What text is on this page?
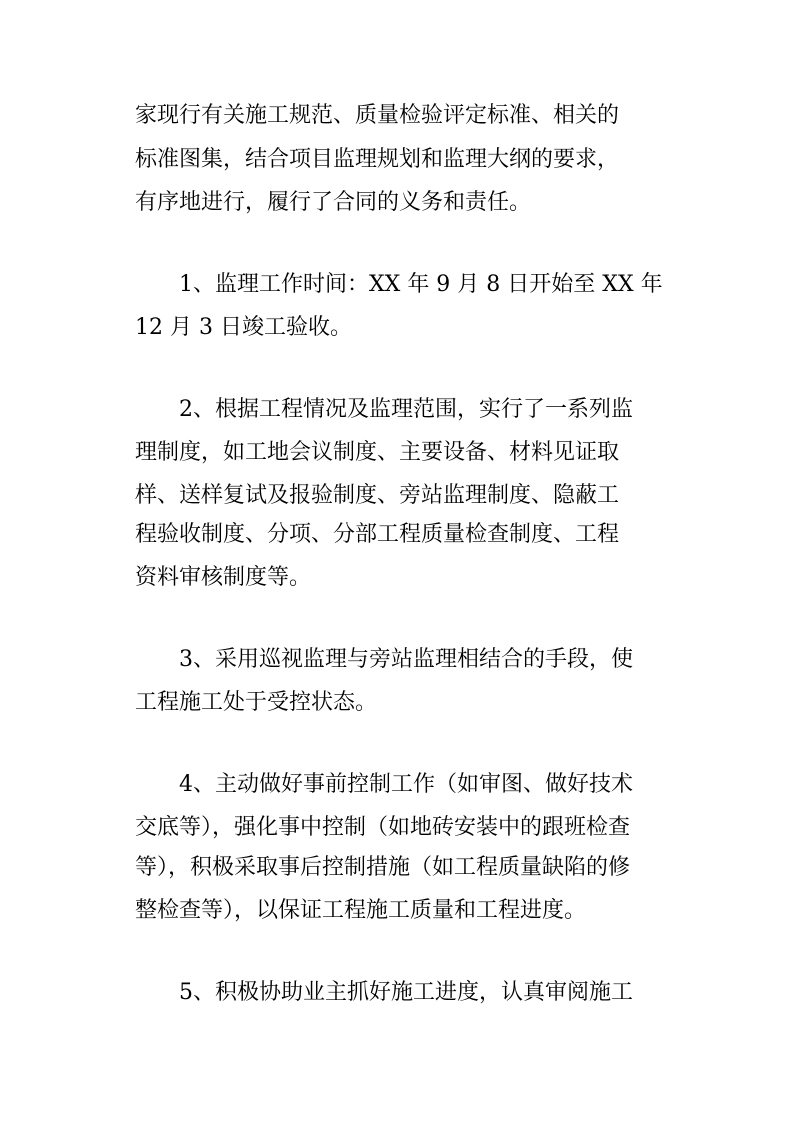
家现行有关施工规范、质量检验评定标准、相关的
标准图集，结合项目监理规划和监理大纲的要求，
有序地进行，履行了合同的义务和责任。
1、监理工作时间：XX 年 9 月 8 日开始至 XX 年
12 月 3 日竣工验收。
2、根据工程情况及监理范围，实行了一系列监
理制度，如工地会议制度、主要设备、材料见证取
样、送样复试及报验制度、旁站监理制度、隐蔽工
程验收制度、分项、分部工程质量检查制度、工程
资料审核制度等。
3、采用巡视监理与旁站监理相结合的手段，使
工程施工处于受控状态。
4、主动做好事前控制工作（如审图、做好技术
交底等），强化事中控制（如地砖安装中的跟班检查
等），积极采取事后控制措施（如工程质量缺陷的修
整检查等），以保证工程施工质量和工程进度。
5、积极协助业主抓好施工进度，认真审阅施工
